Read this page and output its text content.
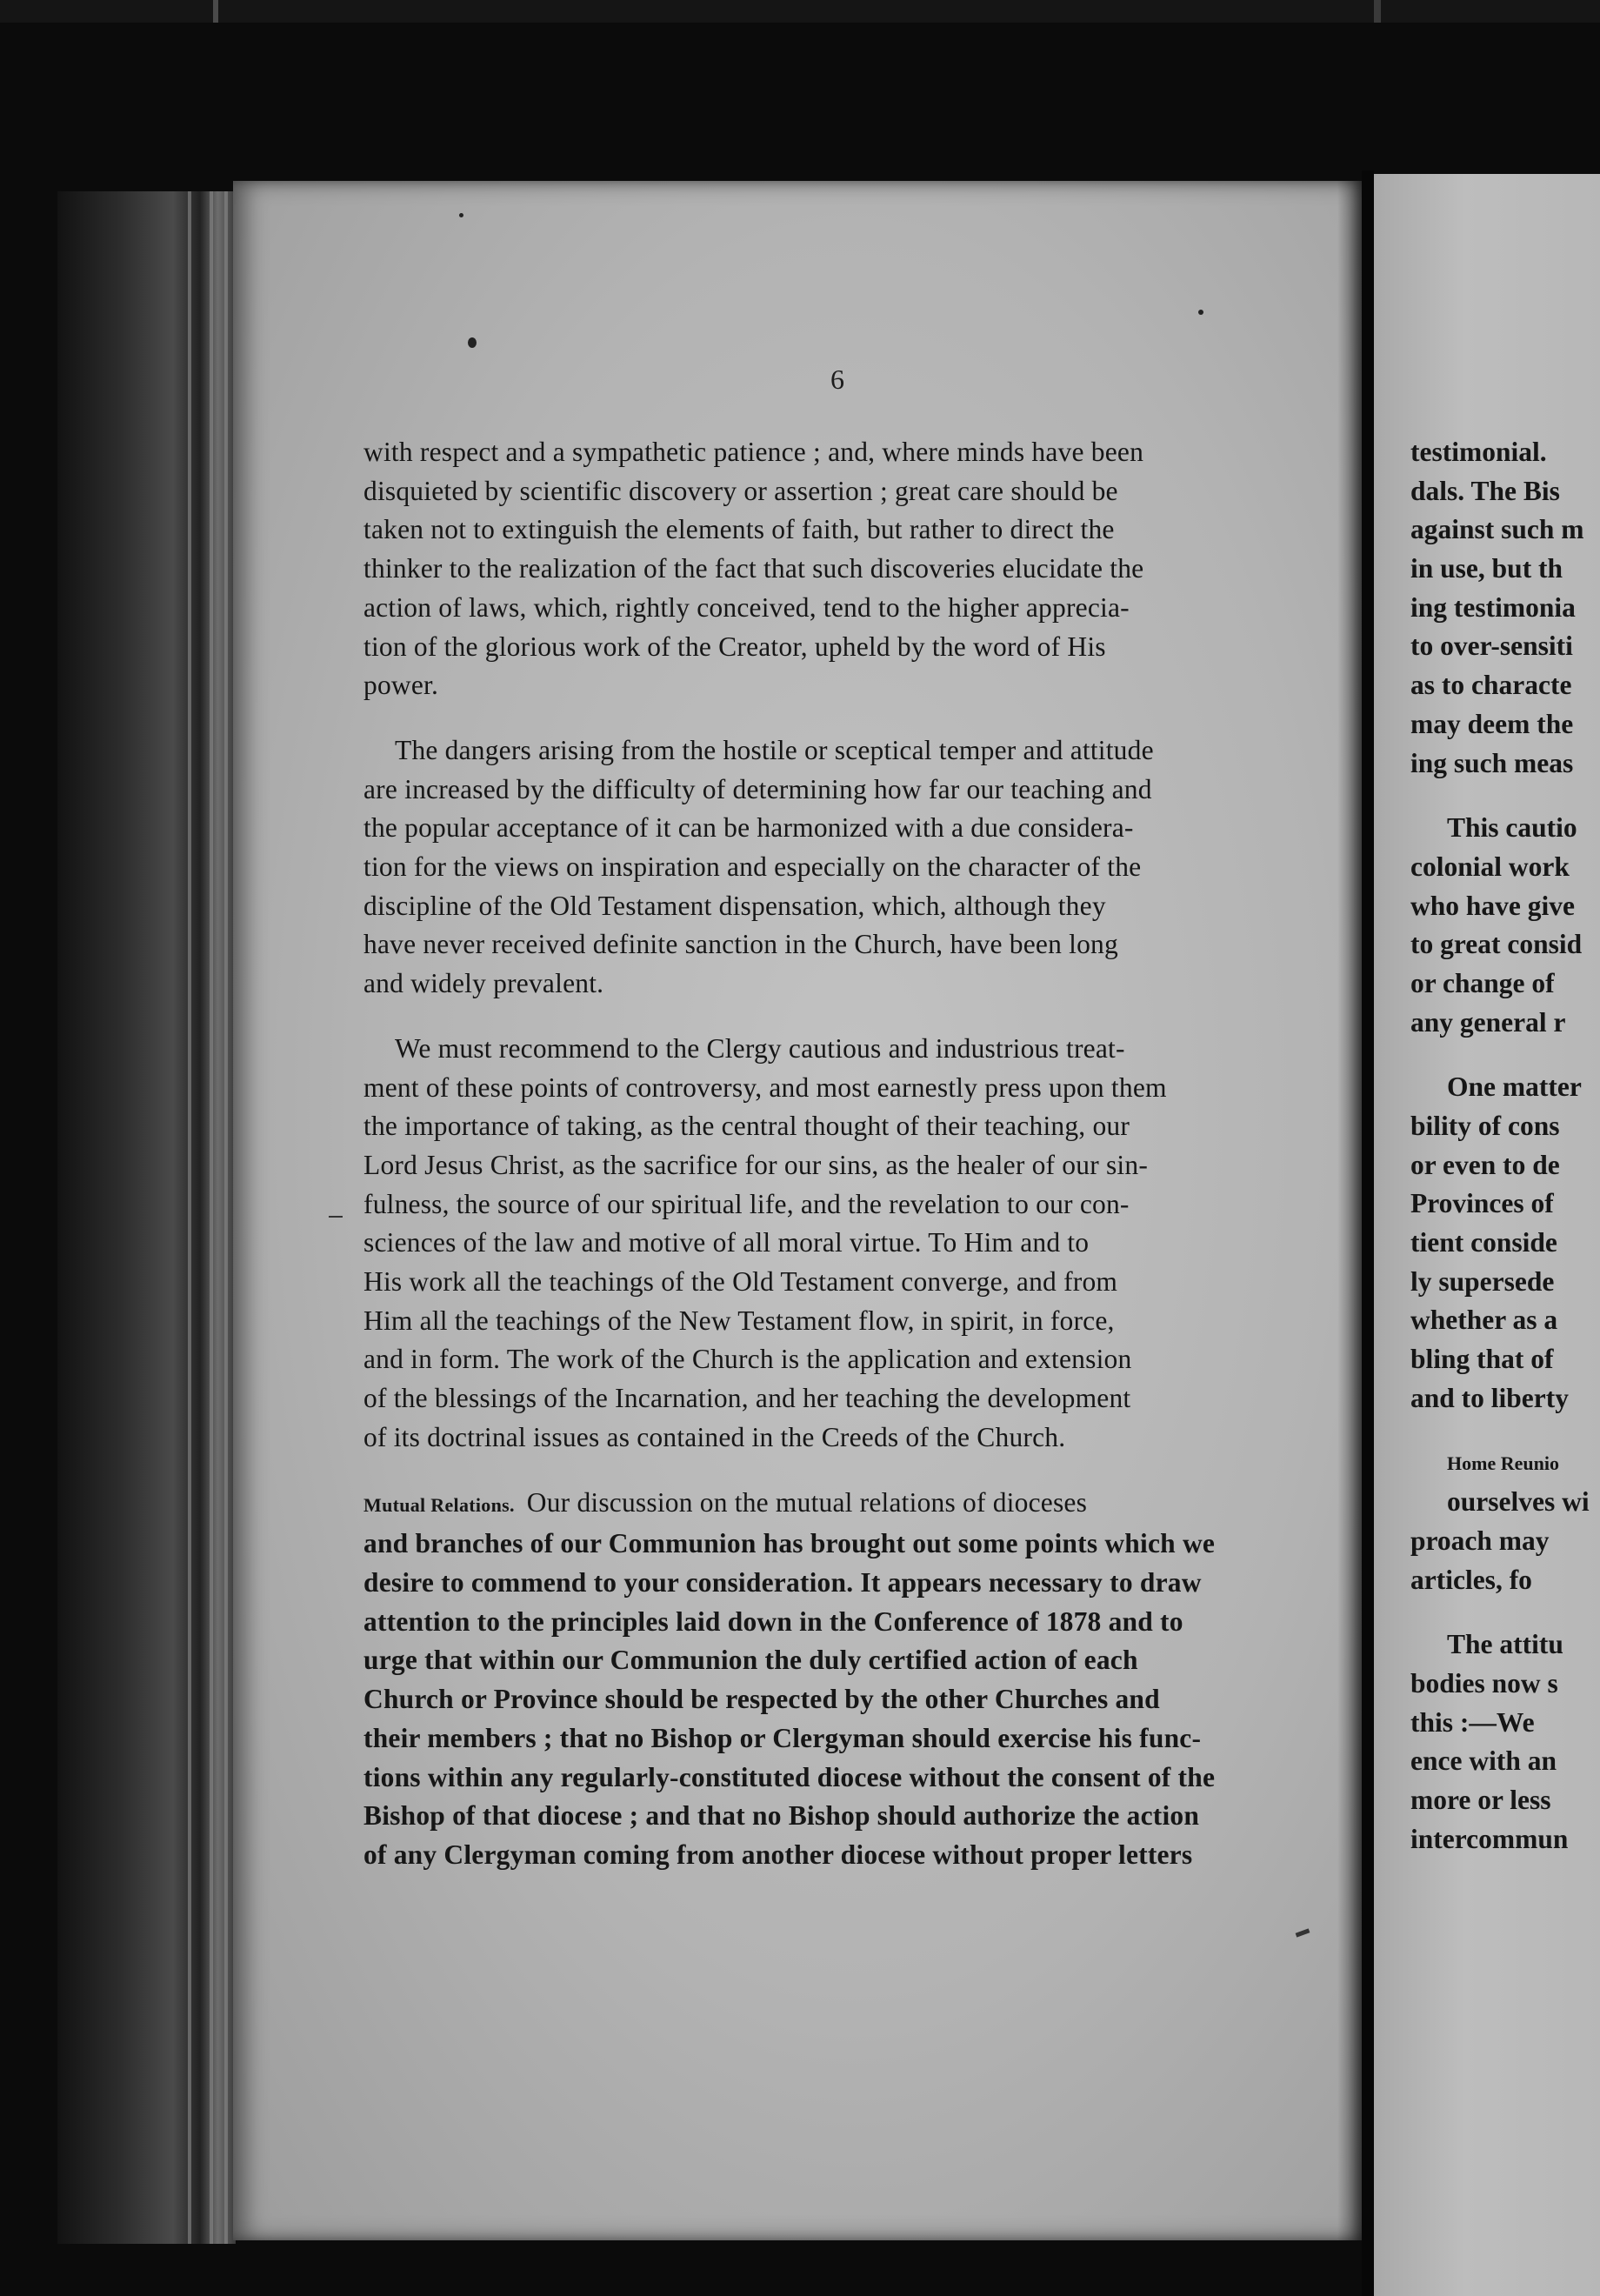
6
with respect and a sympathetic patience ; and, where minds have been
disquieted by scientific discovery or assertion ; great care should be
taken not to extinguish the elements of faith, but rather to direct the
thinker to the realization of the fact that such discoveries elucidate the
action of laws, which, rightly conceived, tend to the higher apprecia-
tion of the glorious work of the Creator, upheld by the word of His
power.
The dangers arising from the hostile or sceptical temper and attitude
are increased by the difficulty of determining how far our teaching and
the popular acceptance of it can be harmonized with a due considera-
tion for the views on inspiration and especially on the character of the
discipline of the Old Testament dispensation, which, although they
have never received definite sanction in the Church, have been long
and widely prevalent.
We must recommend to the Clergy cautious and industrious treat-
ment of these points of controversy, and most earnestly press upon them
the importance of taking, as the central thought of their teaching, our
Lord Jesus Christ, as the sacrifice for our sins, as the healer of our sin-
fulness, the source of our spiritual life, and the revelation to our con-
sciences of the law and motive of all moral virtue. To Him and to
His work all the teachings of the Old Testament converge, and from
Him all the teachings of the New Testament flow, in spirit, in force,
and in form. The work of the Church is the application and extension
of the blessings of the Incarnation, and her teaching the development
of its doctrinal issues as contained in the Creeds of the Church.
Mutual Relations. Our discussion on the mutual relations of dioceses
and branches of our Communion has brought out some points which we
desire to commend to your consideration. It appears necessary to draw
attention to the principles laid down in the Conference of 1878 and to
urge that within our Communion the duly certified action of each
Church or Province should be respected by the other Churches and
their members ; that no Bishop or Clergyman should exercise his func-
tions within any regularly-constituted diocese without the consent of the
Bishop of that diocese ; and that no Bishop should authorize the action
of any Clergyman coming from another diocese without proper letters
testimonial.
dals. The Bis
against such m
in use, but th
ing testimonia
to over-sensiti
as to characte
may deem the
ing such meas
This cautio
colonial work
who have give
to great consid
or change of
any general r
One matter
bility of cons
or even to de
Provinces of
tient conside
ly supersede
whether as a
bling that of
and to liberty
Home Reunio
ourselves wi
proach may
articles, fo
The attitu
bodies now s
this :—We
ence with an
more or less
intercommun
